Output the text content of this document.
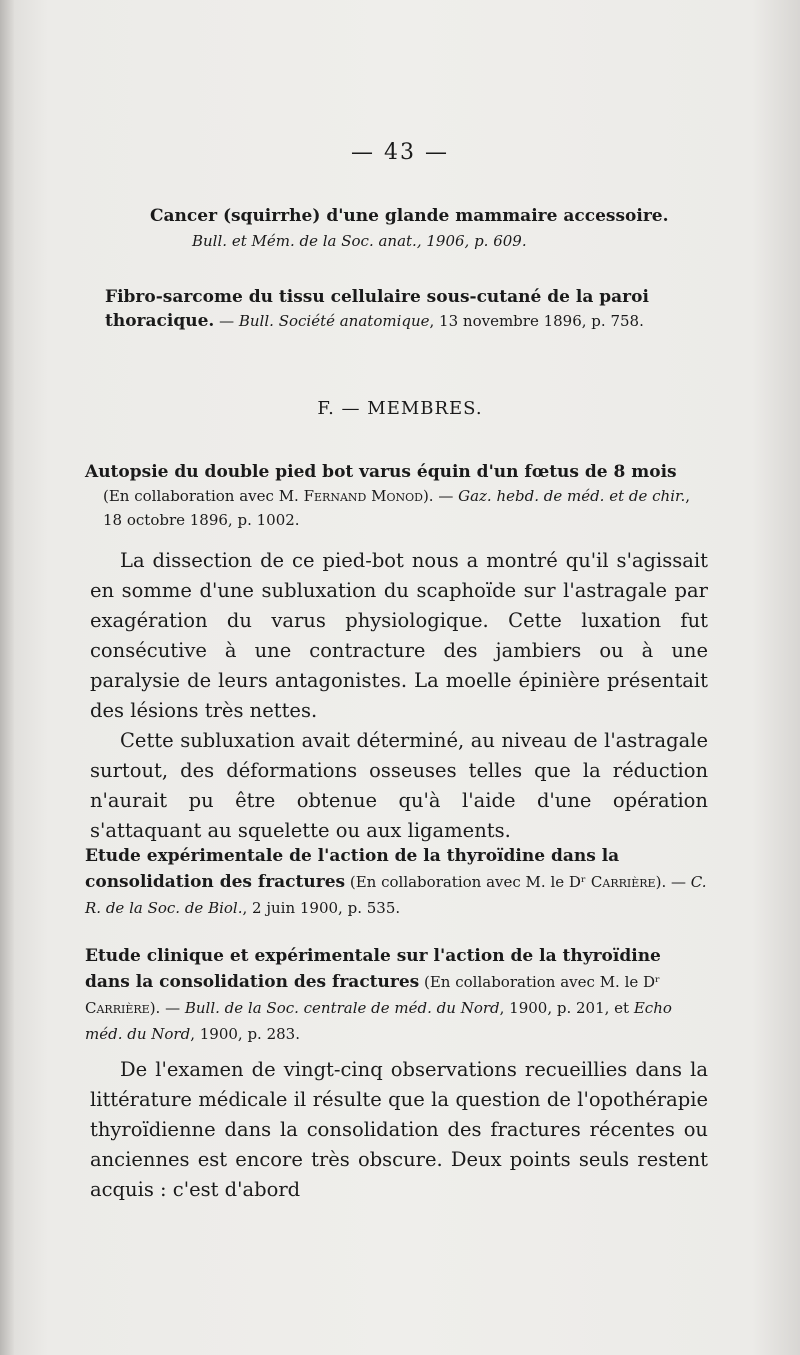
— 43 —
Cancer (squirrhe) d'une glande mammaire accessoire.
Bull. et Mém. de la Soc. anat., 1906, p. 609.
Fibro-sarcome du tissu cellulaire sous-cutané de la paroi thoracique. — Bull. Société anatomique, 13 novembre 1896, p. 758.
F. — MEMBRES.
Autopsie du double pied bot varus équin d'un fœtus de 8 mois
(En collaboration avec M. Fernand Monod). — Gaz. hebd. de méd. et de chir., 18 octobre 1896, p. 1002.

La dissection de ce pied-bot nous a montré qu'il s'agissait en somme d'une subluxation du scaphoïde sur l'astragale par exagération du varus physiologique. Cette luxation fut consécutive à une contracture des jambiers ou à une paralysie de leurs antagonistes. La moelle épinière présentait des lésions très nettes.

Cette subluxation avait déterminé, au niveau de l'astragale surtout, des déformations osseuses telles que la réduction n'aurait pu être obtenue qu'à l'aide d'une opération s'attaquant au squelette ou aux ligaments.

Etude expérimentale de l'action de la thyroïdine dans la consolidation des fractures (En collaboration avec M. le Dʳ Carrière). — C. R. de la Soc. de Biol., 2 juin 1900, p. 535.
Etude clinique et expérimentale sur l'action de la thyroïdine dans la consolidation des fractures (En collaboration avec M. le Dʳ Carrière). — Bull. de la Soc. centrale de méd. du Nord, 1900, p. 201, et Echo méd. du Nord, 1900, p. 283.

De l'examen de vingt-cinq observations recueillies dans la littérature médicale il résulte que la question de l'opothérapie thyroïdienne dans la consolidation des fractures récentes ou anciennes est encore très obscure. Deux points seuls restent acquis : c'est d'abord
